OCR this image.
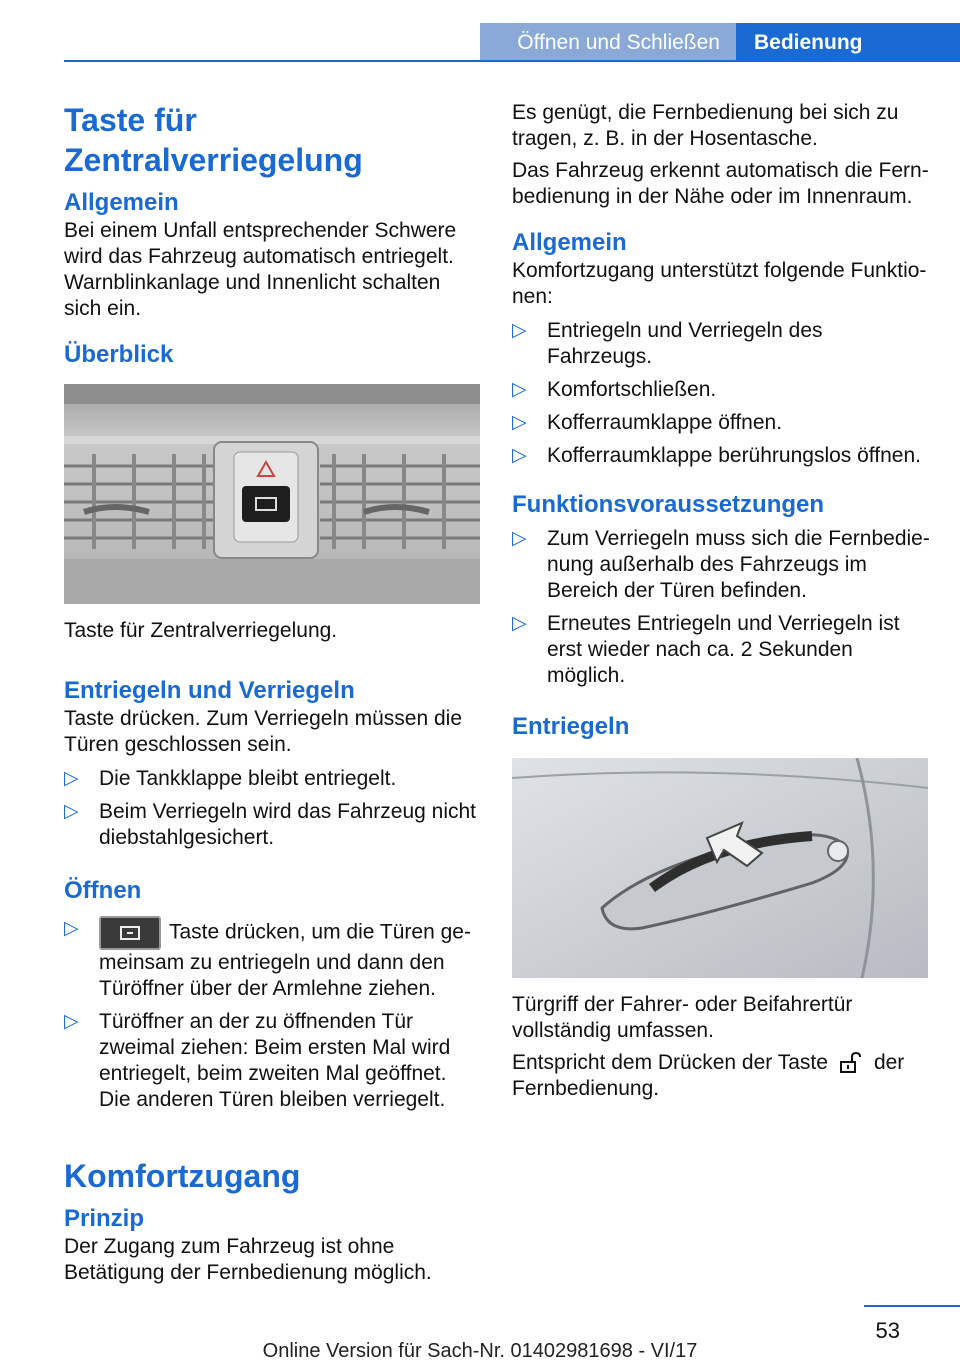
Öffnen und Schließen	Bedienung
Taste für Zentralverriegelung
Allgemein

Bei einem Unfall entsprechender Schwere wird das Fahrzeug automatisch entriegelt. Warnblinkanlage und Innenlicht schalten sich ein.

Überblick

Taste für Zentralverriegelung.

Entriegeln und Verriegeln

Taste drücken. Zum Verriegeln müssen die Türen geschlossen sein.

▷ Die Tankklappe bleibt entriegelt.
▷ Beim Verriegeln wird das Fahrzeug nicht diebstahlgesichert.
Öffnen
▷	Taste drücken, um die Türen gemeinsam zu entriegeln und dann den Türöffner über der Armlehne ziehen.
▷ Türöffner an der zu öffnenden Tür zweimal ziehen: Beim ersten Mal wird entriegelt, beim zweiten Mal geöffnet. Die anderen Türen bleiben verriegelt.
Komfortzugang
Prinzip

Der Zugang zum Fahrzeug ist ohne Betätigung der Fernbedienung möglich.

Es genügt, die Fernbedienung bei sich zu tragen, z. B. in der Hosentasche.

Das Fahrzeug erkennt automatisch die Fernbedienung in der Nähe oder im Innenraum.

Allgemein

Komfortzugang unterstützt folgende Funktionen:

▷ Entriegeln und Verriegeln des Fahrzeugs.
▷ Komfortschließen.
▷ Kofferraumklappe öffnen.
▷ Kofferraumklappe berührungslos öffnen.
Funktionsvoraussetzungen
▷ Zum Verriegeln muss sich die Fernbedienung außerhalb des Fahrzeugs im Bereich der Türen befinden.
▷ Erneutes Entriegeln und Verriegeln ist erst wieder nach ca. 2 Sekunden möglich.
Entriegeln

Türgriff der Fahrer- oder Beifahrertür vollständig umfassen.

Entspricht dem Drücken der Taste der Fernbedienung.

53
Online Version für Sach-Nr. 01402981698 - VI/17
